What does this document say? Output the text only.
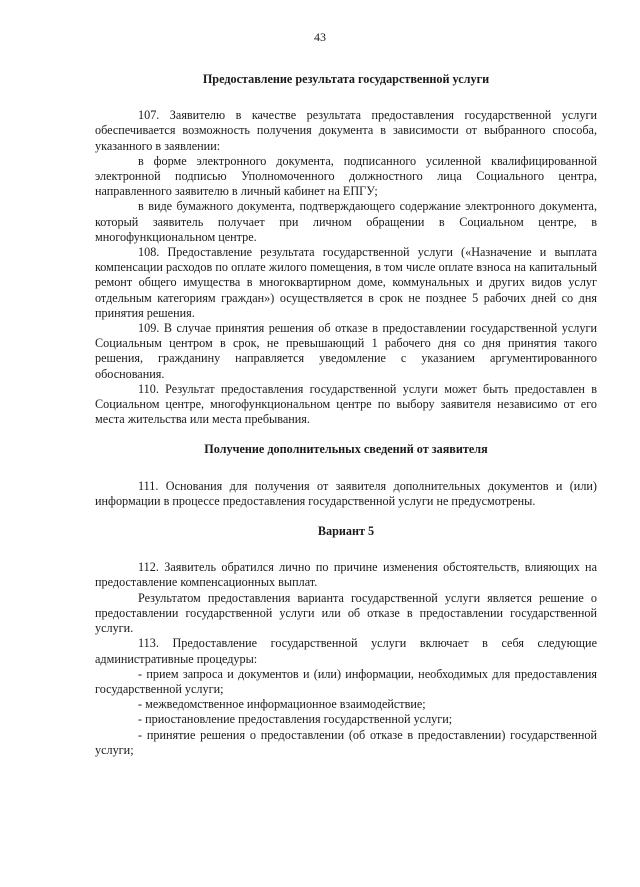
43

Предоставление результата государственной услуги

107. Заявителю в качестве результата предоставления государственной услуги обеспечивается возможность получения документа в зависимости от выбранного способа, указанного в заявлении:

в форме электронного документа, подписанного усиленной квалифицированной электронной подписью Уполномоченного должностного лица Социального центра, направленного заявителю в личный кабинет на ЕПГУ;

в виде бумажного документа, подтверждающего содержание электронного документа, который заявитель получает при личном обращении в Социальном центре, в многофункциональном центре.

108. Предоставление результата государственной услуги («Назначение и выплата компенсации расходов по оплате жилого помещения, в том числе оплате взноса на капитальный ремонт общего имущества в многоквартирном доме, коммунальных и других видов услуг отдельным категориям граждан») осуществляется в срок не позднее 5 рабочих дней со дня принятия решения.

109. В случае принятия решения об отказе в предоставлении государственной услуги Социальным центром в срок, не превышающий 1 рабочего дня со дня принятия такого решения, гражданину направляется уведомление с указанием аргументированного обоснования.

110. Результат предоставления государственной услуги может быть предоставлен в Социальном центре, многофункциональном центре по выбору заявителя независимо от его места жительства или места пребывания.

Получение дополнительных сведений от заявителя

111. Основания для получения от заявителя дополнительных документов и (или) информации в процессе предоставления государственной услуги не предусмотрены.

Вариант 5

112. Заявитель обратился лично по причине изменения обстоятельств, влияющих на предоставление компенсационных выплат.

Результатом предоставления варианта государственной услуги является решение о предоставлении государственной услуги или об отказе в предоставлении государственной услуги.

113. Предоставление государственной услуги включает в себя следующие административные процедуры:

- прием запроса и документов и (или) информации, необходимых для предоставления государственной услуги;

- межведомственное информационное взаимодействие;

- приостановление предоставления государственной услуги;

- принятие решения о предоставлении (об отказе в предоставлении) государственной услуги;
